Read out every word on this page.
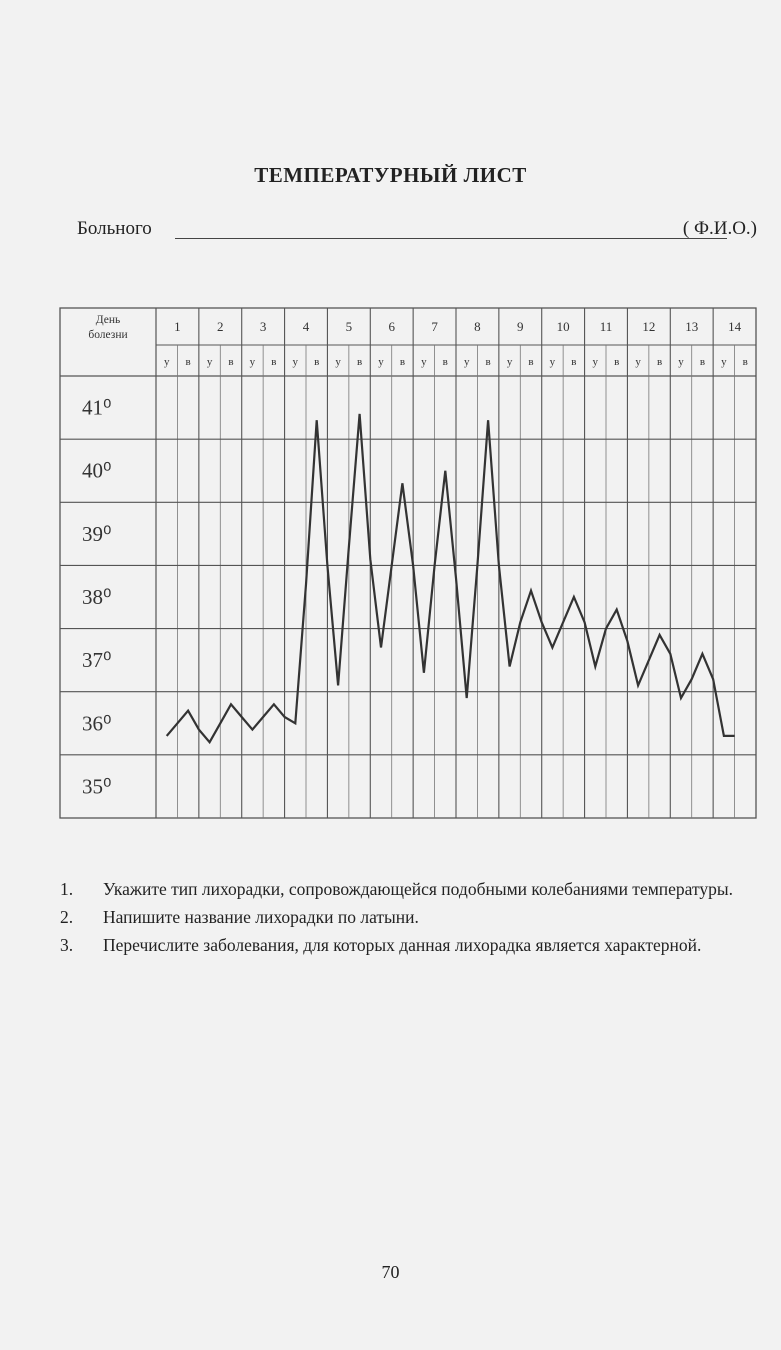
ТЕМПЕРАТУРНЫЙ ЛИСТ
Больного	( Ф.И.О.)
День
болезни
1
у в
2
у в
3
у в
4
у в
5
у в
6
у в
7
у в
8
у в
9
у в
10
у в
11
у в
12
у в
13
у в
14
у в
41⁰
40⁰
39⁰
38⁰
37⁰
36⁰
35⁰
1. Укажите тип лихорадки, сопровождающейся подобными колебаниями температуры.
2. Напишите название лихорадки по латыни.
3. Перечислите заболевания, для которых данная лихорадка является характерной.
70
